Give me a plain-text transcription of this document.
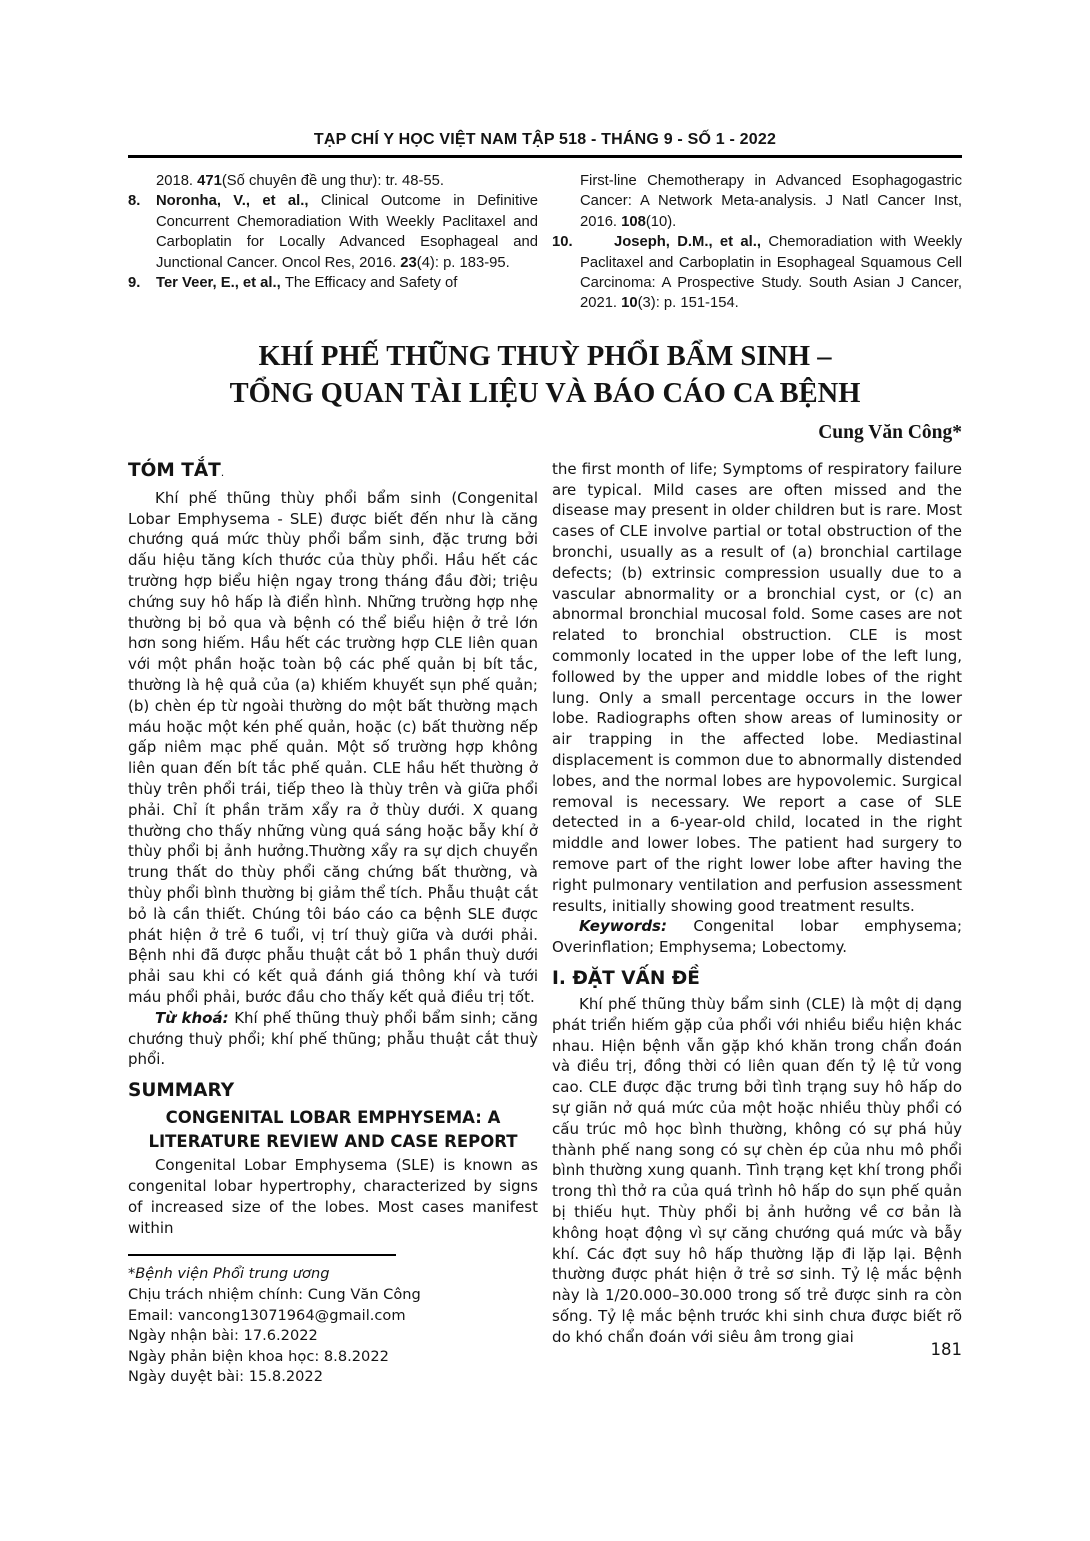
TẠP CHÍ Y HỌC VIỆT NAM TẬP 518 - THÁNG 9 - SỐ 1 - 2022

2018. 471(Số chuyên đề ung thư): tr. 48-55.

8. Noronha, V., et al., Clinical Outcome in Definitive Concurrent Chemoradiation With Weekly Paclitaxel and Carboplatin for Locally Advanced Esophageal and Junctional Cancer. Oncol Res, 2016. 23(4): p. 183-95.
9. Ter Veer, E., et al., The Efficacy and Safety of

First-line Chemotherapy in Advanced Esophagogastric Cancer: A Network Meta-analysis. J Natl Cancer Inst, 2016. 108(10).

10.	Joseph, D.M., et al., Chemoradiation with Weekly Paclitaxel and Carboplatin in Esophageal Squamous Cell Carcinoma: A Prospective Study. South Asian J Cancer, 2021. 10(3): p. 151-154.
KHÍ PHẾ THŨNG THUỲ PHỔI BẨM SINH –
TỔNG QUAN TÀI LIỆU VÀ BÁO CÁO CA BỆNH
Cung Văn Công*
TÓM TẮT.

Khí phế thũng thùy phổi bẩm sinh (Congenital Lobar Emphysema - SLE) được biết đến như là căng chướng quá mức thùy phổi bẩm sinh, đặc trưng bởi dấu hiệu tăng kích thước của thùy phổi. Hầu hết các trường hợp biểu hiện ngay trong tháng đầu đời; triệu chứng suy hô hấp là điển hình. Những trường hợp nhẹ thường bị bỏ qua và bệnh có thể biểu hiện ở trẻ lớn hơn song hiếm. Hầu hết các trường hợp CLE liên quan với một phần hoặc toàn bộ các phế quản bị bít tắc, thường là hệ quả của (a) khiếm khuyết sụn phế quản; (b) chèn ép từ ngoài thường do một bất thường mạch máu hoặc một kén phế quản, hoặc (c) bất thường nếp gấp niêm mạc phế quản. Một số trường hợp không liên quan đến bít tắc phế quản. CLE hầu hết thường ở thùy trên phổi trái, tiếp theo là thùy trên và giữa phổi phải. Chỉ ít phần trăm xẩy ra ở thùy dưới. X quang thường cho thấy những vùng quá sáng hoặc bẫy khí ở thùy phổi bị ảnh hưởng.Thường xẩy ra sự dịch chuyển trung thất do thùy phổi căng chứng bất thường, và thùy phổi bình thường bị giảm thể tích. Phẫu thuật cắt bỏ là cần thiết. Chúng tôi báo cáo ca bệnh SLE được phát hiện ở trẻ 6 tuổi, vị trí thuỳ giữa và dưới phải. Bệnh nhi đã được phẫu thuật cắt bỏ 1 phần thuỳ dưới phải sau khi có kết quả đánh giá thông khí và tưới máu phổi phải, bước đầu cho thấy kết quả điều trị tốt.

Từ khoá: Khí phế thũng thuỳ phổi bẩm sinh; căng chướng thuỳ phổi; khí phế thũng; phẫu thuật cắt thuỳ phổi.

SUMMARY

CONGENITAL LOBAR EMPHYSEMA: A LITERATURE REVIEW AND CASE REPORT

Congenital Lobar Emphysema (SLE) is known as congenital lobar hypertrophy, characterized by signs of increased size of the lobes. Most cases manifest within

*Bệnh viện Phổi trung ương

Chịu trách nhiệm chính: Cung Văn Công

Email: vancong13071964@gmail.com

Ngày nhận bài: 17.6.2022

Ngày phản biện khoa học: 8.8.2022

Ngày duyệt bài: 15.8.2022

the first month of life; Symptoms of respiratory failure are typical. Mild cases are often missed and the disease may present in older children but is rare. Most cases of CLE involve partial or total obstruction of the bronchi, usually as a result of (a) bronchial cartilage defects; (b) extrinsic compression usually due to a vascular abnormality or a bronchial cyst, or (c) an abnormal bronchial mucosal fold. Some cases are not related to bronchial obstruction. CLE is most commonly located in the upper lobe of the left lung, followed by the upper and middle lobes of the right lung. Only a small percentage occurs in the lower lobe. Radiographs often show areas of luminosity or air trapping in the affected lobe. Mediastinal displacement is common due to abnormally distended lobes, and the normal lobes are hypovolemic. Surgical removal is necessary. We report a case of SLE detected in a 6-year-old child, located in the right middle and lower lobes. The patient had surgery to remove part of the right lower lobe after having the right pulmonary ventilation and perfusion assessment results, initially showing good treatment results.

Keywords: Congenital lobar emphysema; Overinflation; Emphysema; Lobectomy.

I. ĐẶT VẤN ĐỀ

Khí phế thũng thùy bẩm sinh (CLE) là một dị dạng phát triển hiếm gặp của phổi với nhiều biểu hiện khác nhau. Hiện bệnh vẫn gặp khó khăn trong chẩn đoán và điều trị, đồng thời có liên quan đến tỷ lệ tử vong cao. CLE được đặc trưng bởi tình trạng suy hô hấp do sự giãn nở quá mức của một hoặc nhiều thùy phổi có cấu trúc mô học bình thường, không có sự phá hủy thành phế nang song có sự chèn ép của nhu mô phổi bình thường xung quanh. Tình trạng kẹt khí trong phổi trong thì thở ra của quá trình hô hấp do sụn phế quản bị thiếu hụt. Thùy phổi bị ảnh hưởng về cơ bản là không hoạt động vì sự căng chướng quá mức và bẫy khí. Các đợt suy hô hấp thường lặp đi lặp lại. Bệnh thường được phát hiện ở trẻ sơ sinh. Tỷ lệ mắc bệnh này là 1/20.000–30.000 trong số trẻ được sinh ra còn sống. Tỷ lệ mắc bệnh trước khi sinh chưa được biết rõ do khó chẩn đoán với siêu âm trong giai

181
